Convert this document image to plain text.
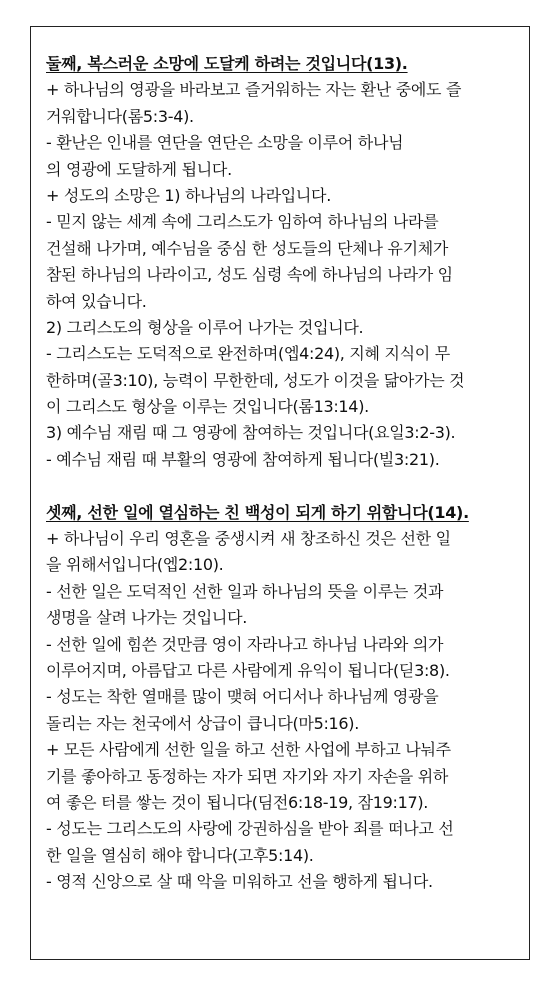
둘째, 복스러운 소망에 도달케 하려는 것입니다(13).
+ 하나님의 영광을 바라보고 즐거워하는 자는 환난 중에도 즐
거워합니다(롬5:3-4).
- 환난은 인내를 연단을 연단은 소망을 이루어 하나님
의 영광에 도달하게 됩니다.
+ 성도의 소망은 1) 하나님의 나라입니다.
- 믿지 않는 세계 속에 그리스도가 임하여 하나님의 나라를
건설해 나가며, 예수님을 중심 한 성도들의 단체나 유기체가
참된 하나님의 나라이고, 성도 심령 속에 하나님의 나라가 임
하여 있습니다.
2) 그리스도의 형상을 이루어 나가는 것입니다.
- 그리스도는 도덕적으로 완전하며(엡4:24), 지혜 지식이 무
한하며(골3:10), 능력이 무한한데, 성도가 이것을 닮아가는 것
이 그리스도 형상을 이루는 것입니다(롬13:14).
3) 예수님 재림 때 그 영광에 참여하는 것입니다(요일3:2-3).
- 예수님 재림 때 부활의 영광에 참여하게 됩니다(빌3:21).
셋째, 선한 일에 열심하는 친 백성이 되게 하기 위함니다(14).
+ 하나님이 우리 영혼을 중생시켜 새 창조하신 것은 선한 일
을 위해서입니다(엡2:10).
- 선한 일은 도덕적인 선한 일과 하나님의 뜻을 이루는 것과
생명을 살려 나가는 것입니다.
- 선한 일에 힘쓴 것만큼 영이 자라나고 하나님 나라와 의가
이루어지며, 아름답고 다른 사람에게 유익이 됩니다(딛3:8).
- 성도는 착한 열매를 많이 맺혀 어디서나 하나님께 영광을
돌리는 자는 천국에서 상급이 큽니다(마5:16).
+ 모든 사람에게 선한 일을 하고 선한 사업에 부하고 나눠주
기를 좋아하고 동정하는 자가 되면 자기와 자기 자손을 위하
여 좋은 터를 쌓는 것이 됩니다(딤전6:18-19, 잠19:17).
- 성도는 그리스도의 사랑에 강권하심을 받아 죄를 떠나고 선
한 일을 열심히 해야 합니다(고후5:14).
- 영적 신앙으로 살 때 악을 미워하고 선을 행하게 됩니다.
